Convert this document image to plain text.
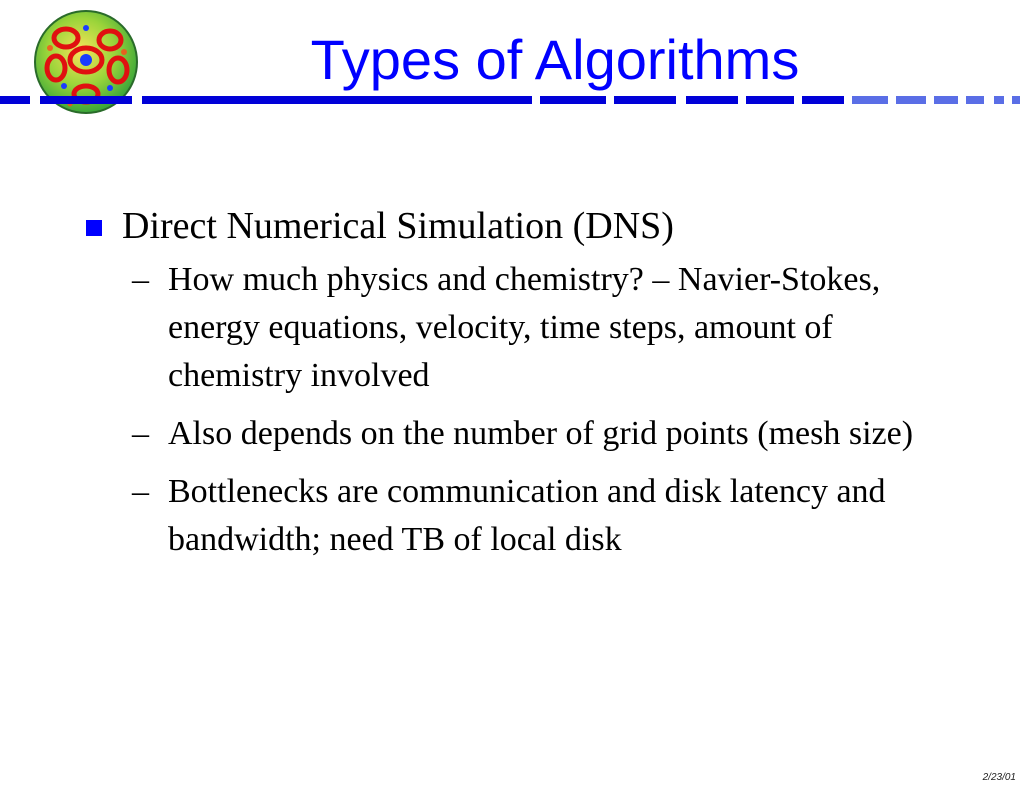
Types of Algorithms
Direct Numerical Simulation (DNS)
– How much physics and chemistry? – Navier-Stokes, energy equations, velocity, time steps, amount of chemistry involved
– Also depends on the number of grid points (mesh size)
– Bottlenecks are communication and disk latency and bandwidth; need TB of local disk
2/23/01
